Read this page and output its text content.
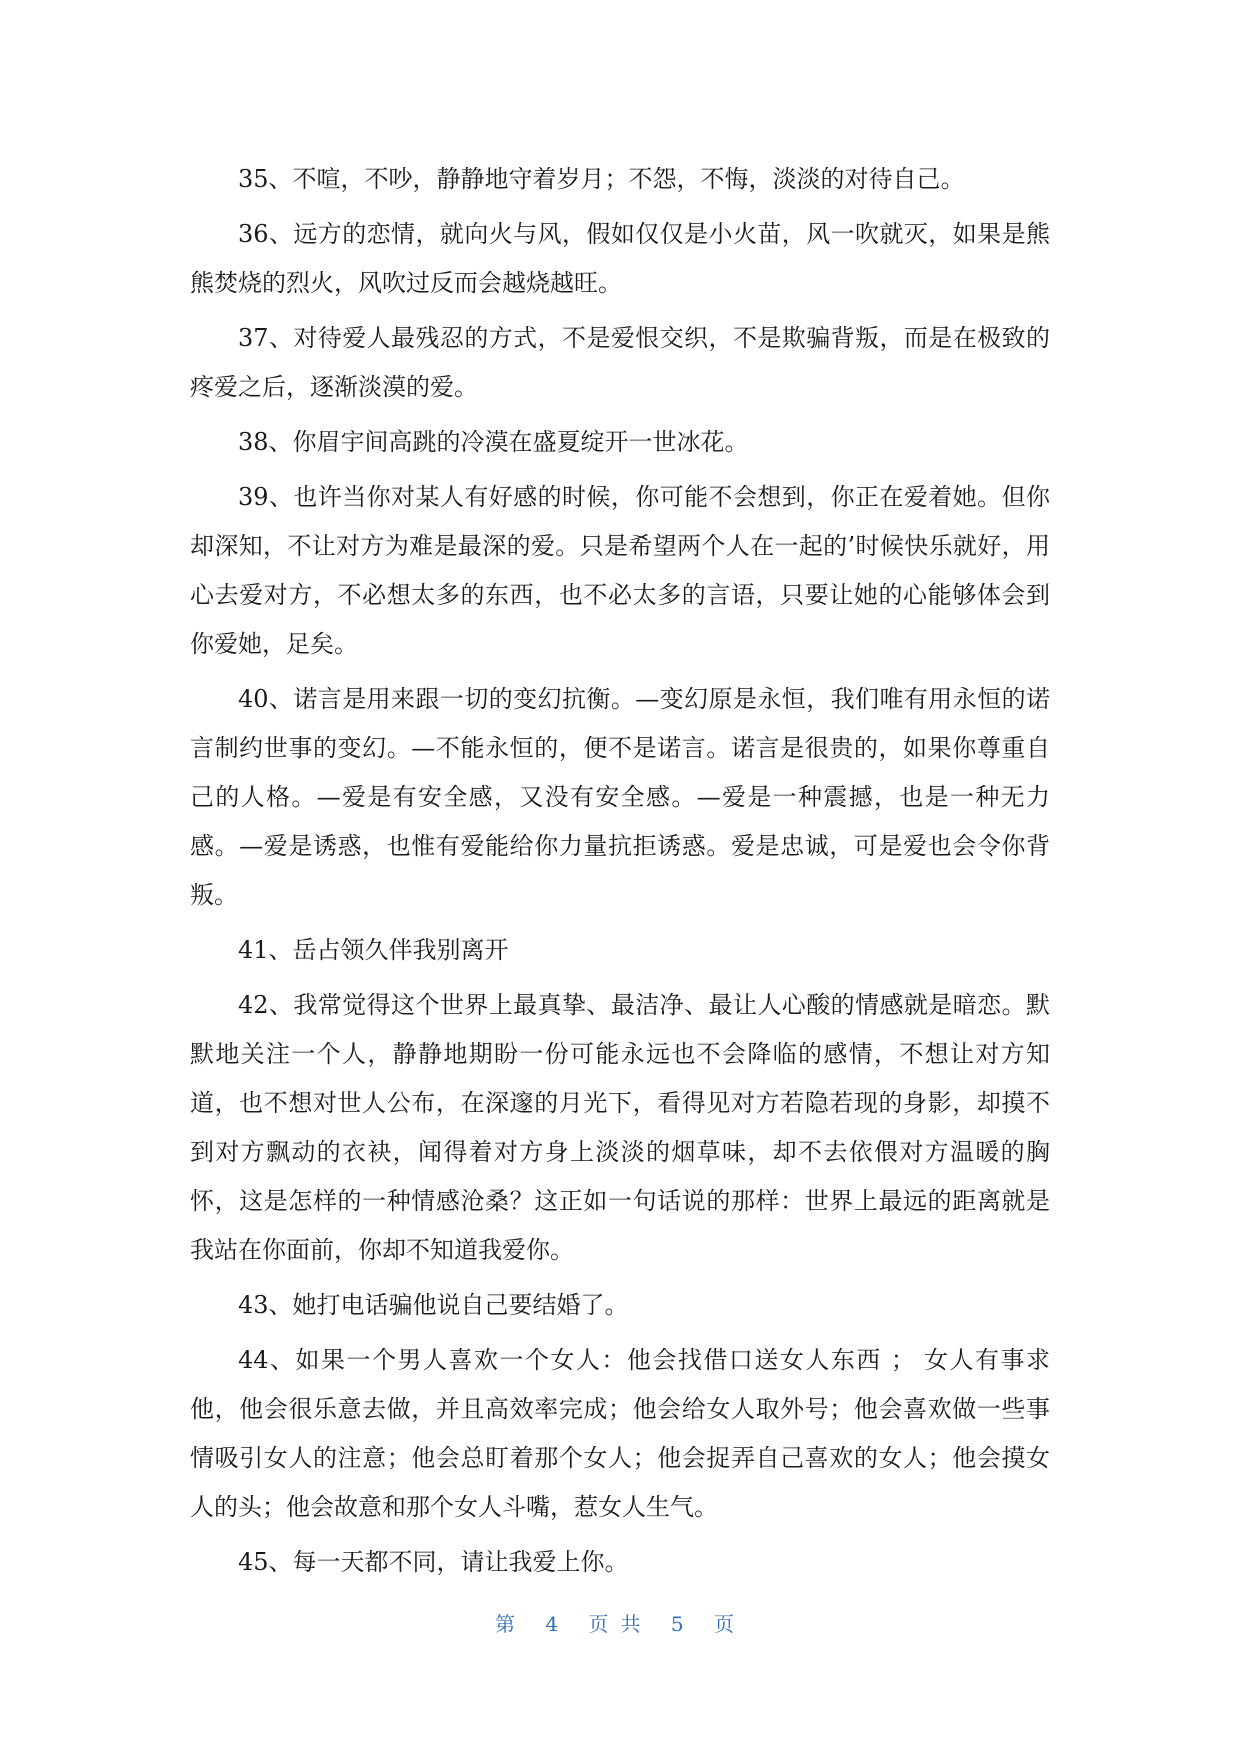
35、不喧，不吵，静静地守着岁月；不怨，不悔，淡淡的对待自己。

36、远方的恋情，就向火与风，假如仅仅是小火苗，风一吹就灭，如果是熊熊焚烧的烈火，风吹过反而会越烧越旺。

37、对待爱人最残忍的方式，不是爱恨交织，不是欺骗背叛，而是在极致的疼爱之后，逐渐淡漠的爱。

38、你眉宇间高跳的冷漠在盛夏绽开一世冰花。

39、也许当你对某人有好感的时候，你可能不会想到，你正在爱着她。但你却深知，不让对方为难是最深的爱。只是希望两个人在一起的’时候快乐就好，用心去爱对方，不必想太多的东西，也不必太多的言语，只要让她的心能够体会到你爱她，足矣。

40、诺言是用来跟一切的变幻抗衡。—变幻原是永恒，我们唯有用永恒的诺言制约世事的变幻。—不能永恒的，便不是诺言。诺言是很贵的，如果你尊重自己的人格。—爱是有安全感，又没有安全感。—爱是一种震撼，也是一种无力感。—爱是诱惑，也惟有爱能给你力量抗拒诱惑。爱是忠诚，可是爱也会令你背叛。

41、岳占领久伴我别离开

42、我常觉得这个世界上最真挚、最洁净、最让人心酸的情感就是暗恋。默默地关注一个人，静静地期盼一份可能永远也不会降临的感情，不想让对方知道，也不想对世人公布，在深邃的月光下，看得见对方若隐若现的身影，却摸不到对方飘动的衣袂，闻得着对方身上淡淡的烟草味，却不去依偎对方温暖的胸怀，这是怎样的一种情感沧桑？这正如一句话说的那样：世界上最远的距离就是我站在你面前，你却不知道我爱你。

43、她打电话骗他说自己要结婚了。

44、如果一个男人喜欢一个女人：他会找借口送女人东西 ； 女人有事求他，他会很乐意去做，并且高效率完成；他会给女人取外号；他会喜欢做一些事情吸引女人的注意；他会总盯着那个女人；他会捉弄自己喜欢的女人；他会摸女人的头；他会故意和那个女人斗嘴，惹女人生气。

45、每一天都不同，请让我爱上你。

第 4 页共 5 页
